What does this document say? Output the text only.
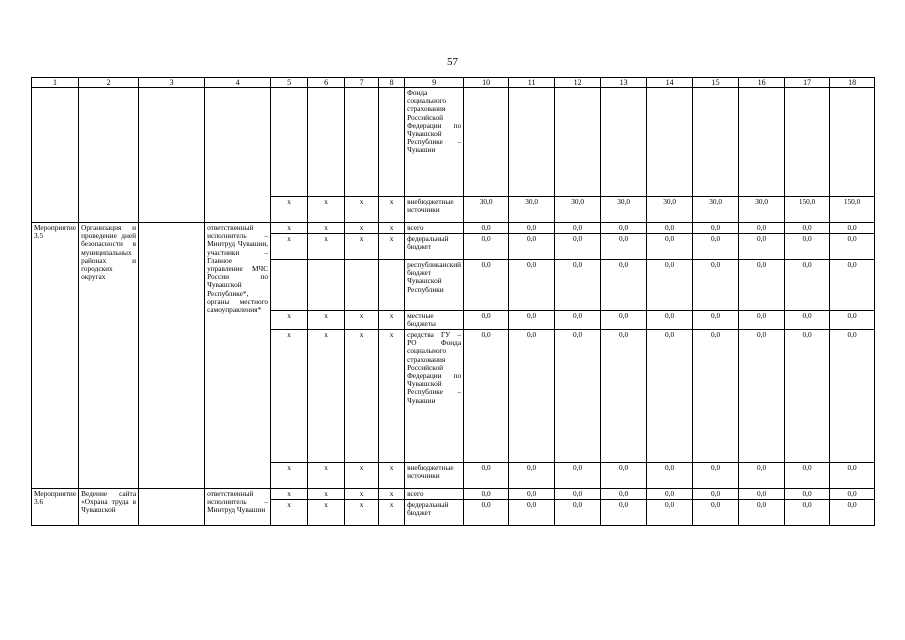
57
1	2	3	4	5	6	7	8	9	10	11	12	13	14	15	16	17	18
								Фонда социального страхования Российской Федерации по Чувашской Республике – Чувашии									
				x	x	x	x	внебюджетные источники	30,0	30,0	30,0	30,0	30,0	30,0	30,0	150,0	150,0
Мероприятие 3.5	Организация и проведение дней безопасности в муниципальных районах и городских округах		ответственный исполнитель – Минтруд Чувашии, участники – Главное управление МЧС России по Чувашской Республике*, органы местного самоуправления*	x	x	x	x	всего	0,0	0,0	0,0	0,0	0,0	0,0	0,0	0,0	0,0
				x	x	x	x	федеральный бюджет	0,0	0,0	0,0	0,0	0,0	0,0	0,0	0,0	0,0
								республиканский бюджет Чувашской Республики	0,0	0,0	0,0	0,0	0,0	0,0	0,0	0,0	0,0
				x	x	x	x	местные бюджеты	0,0	0,0	0,0	0,0	0,0	0,0	0,0	0,0	0,0
				x	x	x	x	средства ГУ – РО Фонда социального страхования Российской Федерации по Чувашской Республике – Чувашии	0,0	0,0	0,0	0,0	0,0	0,0	0,0	0,0	0,0
				x	x	x	x	внебюджетные источники	0,0	0,0	0,0	0,0	0,0	0,0	0,0	0,0	0,0
Мероприятие 3.6	Ведение сайта «Охрана труда в Чувашской		ответственный исполнитель – Минтруд Чувашии	x	x	x	x	всего	0,0	0,0	0,0	0,0	0,0	0,0	0,0	0,0	0,0
				x	x	x	x	федеральный бюджет	0,0	0,0	0,0	0,0	0,0	0,0	0,0	0,0	0,0
